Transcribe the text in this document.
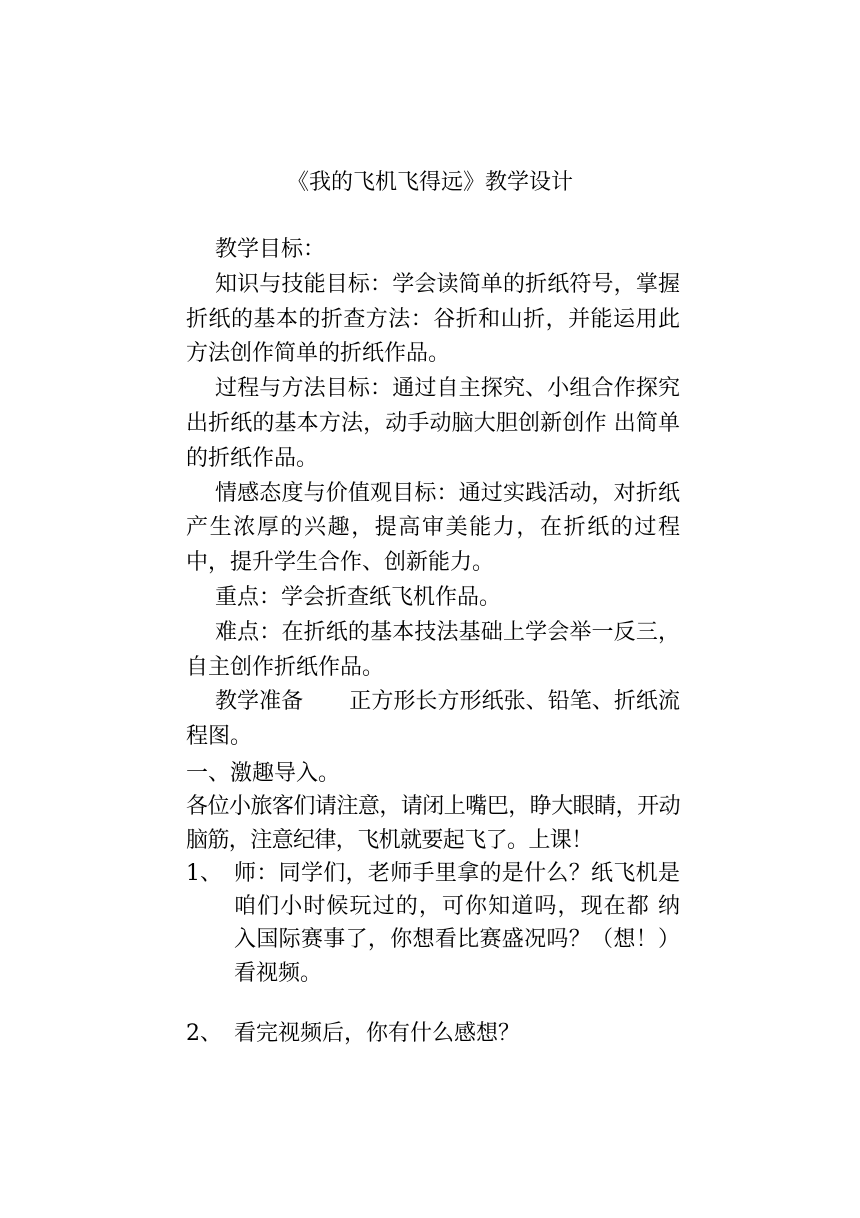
《我的飞机飞得远》教学设计

教学目标：

知识与技能目标：学会读简单的折纸符号，掌握折纸的基本的折查方法：谷折和山折，并能运用此方法创作简单的折纸作品。

过程与方法目标：通过自主探究、小组合作探究出折纸的基本方法，动手动脑大胆创新创作 出简单的折纸作品。

情感态度与价值观目标：通过实践活动，对折纸产生浓厚的兴趣，提高审美能力，在折纸的过程中，提升学生合作、创新能力。

重点：学会折查纸飞机作品。

难点：在折纸的基本技法基础上学会举一反三，自主创作折纸作品。

教学准备 正方形长方形纸张、铅笔、折纸流程图。

一、激趣导入。

各位小旅客们请注意，请闭上嘴巴，睁大眼睛，开动脑筋，注意纪律，飞机就要起飞了。上课！

1、 师：同学们，老师手里拿的是什么？纸飞机是咱们小时候玩过的，可你知道吗，现在都 纳入国际赛事了，你想看比赛盛况吗？（想！）看视频。
2、 看完视频后，你有什么感想？
